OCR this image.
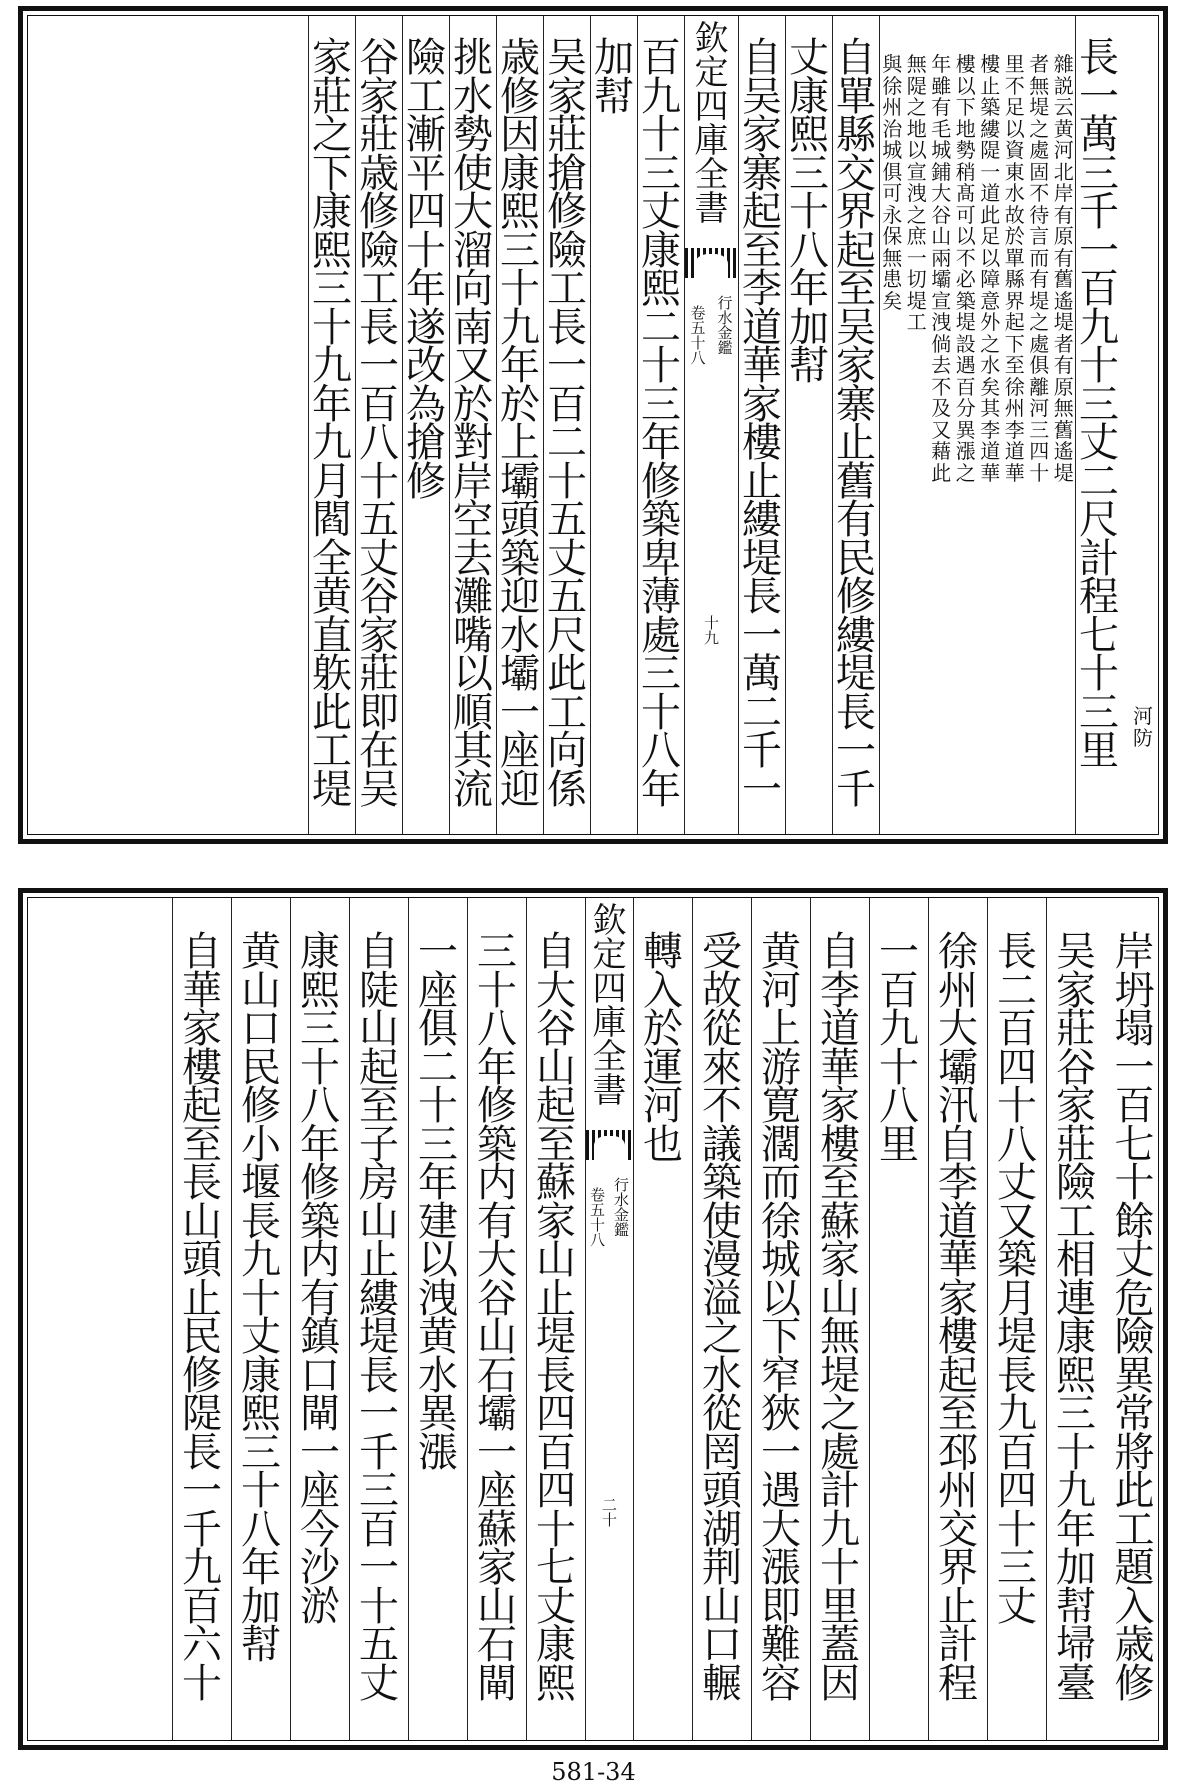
河
防
長
一
萬
三
千
一
百
九
十
三
丈
二
尺
計
程
七
十
三
里
雜
説
云
黄
河
北
岸
有
原
有
舊
遙
堤
者
有
原
無
舊
遙
堤
者
無
堤
之
處
固
不
待
言
而
有
堤
之
處
俱
離
河
三
四
十
里
不
足
以
資
東
水
故
於
單
縣
界
起
下
至
徐
州
李
道
華
樓
止
築
縷
隄
一
道
此
足
以
障
意
外
之
水
矣
其
李
道
華
樓
以
下
地
勢
稍
髙
可
以
不
必
築
堤
設
遇
百
分
異
漲
之
年
雖
有
毛
城
鋪
大
谷
山
兩
壩
宣
洩
倘
去
不
及
又
藉
此
無
隄
之
地
以
宣
洩
之
庶
一
切
堤
工
與
徐
州
治
城
俱
可
永
保
無
患
矣
自
單
縣
交
界
起
至
吴
家
寨
止
舊
有
民
修
縷
堤
長
一
千
丈
康
熙
三
十
八
年
加
幇
自
吴
家
寨
起
至
李
道
華
家
樓
止
縷
堤
長
一
萬
二
千
一
欽
定
四
庫
全
書
行
水
金
鑑
卷
五
十
八
十
九
百
九
十
三
丈
康
熙
二
十
三
年
修
築
卑
薄
處
三
十
八
年
加
幇
吴
家
莊
搶
修
險
工
長
一
百
二
十
五
丈
五
尺
此
工
向
係
歳
修
因
康
熙
三
十
九
年
於
上
壩
頭
築
迎
水
壩
一
座
迎
挑
水
勢
使
大
溜
向
南
又
於
對
岸
空
去
灘
嘴
以
順
其
流
險
工
漸
平
四
十
年
遂
改
為
搶
修
谷
家
莊
歳
修
險
工
長
一
百
八
十
五
丈
谷
家
莊
即
在
吴
家
莊
之
下
康
熙
三
十
九
年
九
月
閻
全
黄
直
䠶
此
工
堤
岸
坍
塌
一
百
七
十
餘
丈
危
險
異
常
將
此
工
題
入
歳
修
吴
家
莊
谷
家
莊
險
工
相
連
康
熙
三
十
九
年
加
幇
埽
臺
長
二
百
四
十
八
丈
又
築
月
堤
長
九
百
四
十
三
丈
徐
州
大
壩
汛
自
李
道
華
家
樓
起
至
邳
州
交
界
止
計
程
一
百
九
十
八
里
自
李
道
華
家
樓
至
蘇
家
山
無
堤
之
處
計
九
十
里
蓋
因
黄
河
上
游
寛
濶
而
徐
城
以
下
窄
狹
一
遇
大
漲
即
難
容
受
故
從
來
不
議
築
使
漫
溢
之
水
從
罔
頭
湖
荆
山
口
輾
轉
入
於
運
河
也
欽
定
四
庫
全
書
行
水
金
鑑
卷
五
十
八
二
十
自
大
谷
山
起
至
蘇
家
山
止
堤
長
四
百
四
十
七
丈
康
熙
三
十
八
年
修
築
内
有
大
谷
山
石
壩
一
座
蘇
家
山
石
閘
一
座
俱
二
十
三
年
建
以
洩
黄
水
異
漲
自
陡
山
起
至
子
房
山
止
縷
堤
長
一
千
三
百
一
十
五
丈
康
熙
三
十
八
年
修
築
内
有
鎮
口
閘
一
座
今
沙
淤
黄
山
口
民
修
小
堰
長
九
十
丈
康
熙
三
十
八
年
加
幇
自
華
家
樓
起
至
長
山
頭
止
民
修
隄
長
一
千
九
百
六
十
581-34
